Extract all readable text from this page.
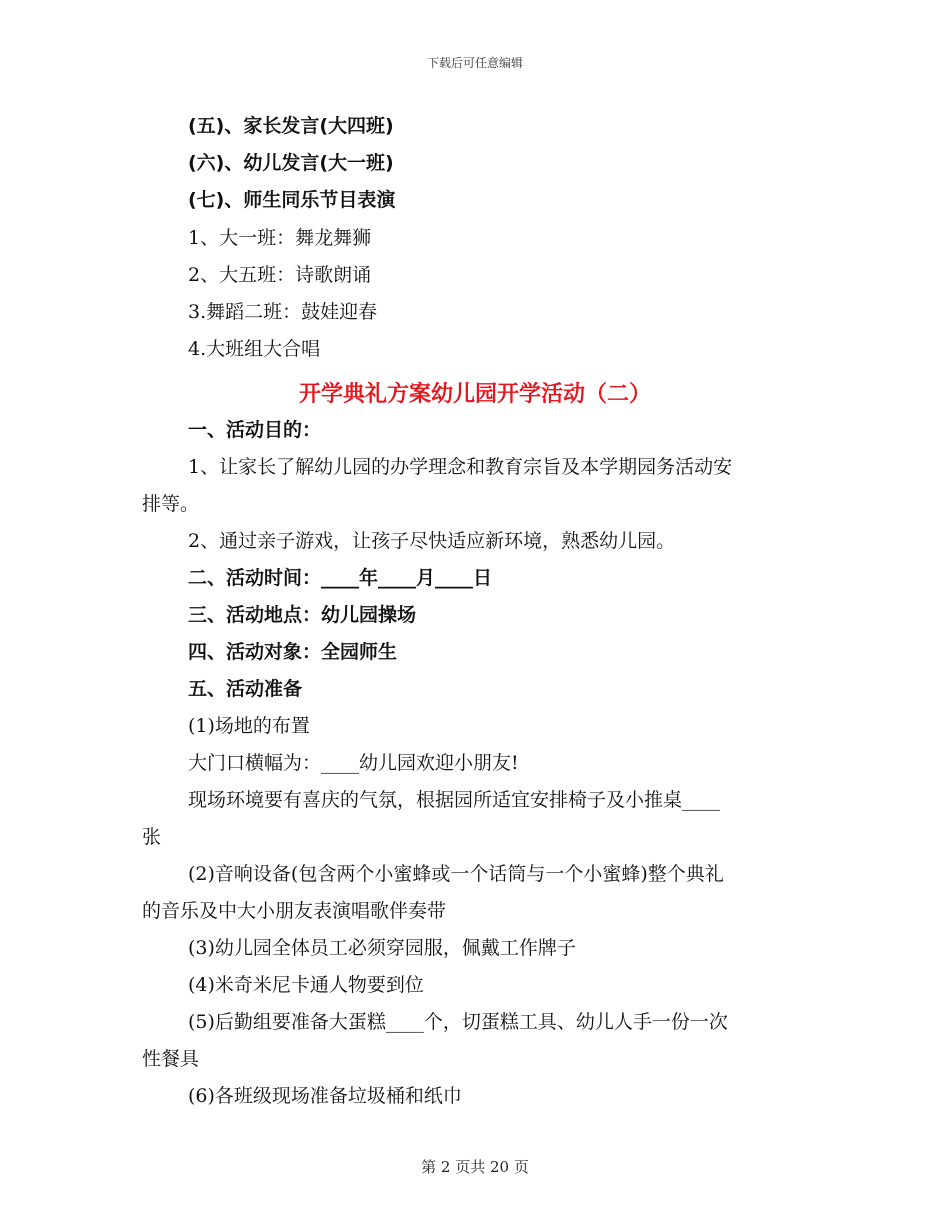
下载后可任意编辑
(五)、家长发言(大四班)
(六)、幼儿发言(大一班)
(七)、师生同乐节目表演
1、大一班：舞龙舞狮
2、大五班：诗歌朗诵
3.舞蹈二班：鼓娃迎春
4.大班组大合唱
开学典礼方案幼儿园开学活动（二）
一、活动目的：
1、让家长了解幼儿园的办学理念和教育宗旨及本学期园务活动安
排等。
2、通过亲子游戏，让孩子尽快适应新环境，熟悉幼儿园。
二、活动时间：____年____月____日
三、活动地点：幼儿园操场
四、活动对象：全园师生
五、活动准备
(1)场地的布置
大门口横幅为：____幼儿园欢迎小朋友!
现场环境要有喜庆的气氛，根据园所适宜安排椅子及小推桌____
张
(2)音响设备(包含两个小蜜蜂或一个话筒与一个小蜜蜂)整个典礼
的音乐及中大小朋友表演唱歌伴奏带
(3)幼儿园全体员工必须穿园服，佩戴工作牌子
(4)米奇米尼卡通人物要到位
(5)后勤组要准备大蛋糕____个，切蛋糕工具、幼儿人手一份一次
性餐具
(6)各班级现场准备垃圾桶和纸巾
第 2 页共 20 页
